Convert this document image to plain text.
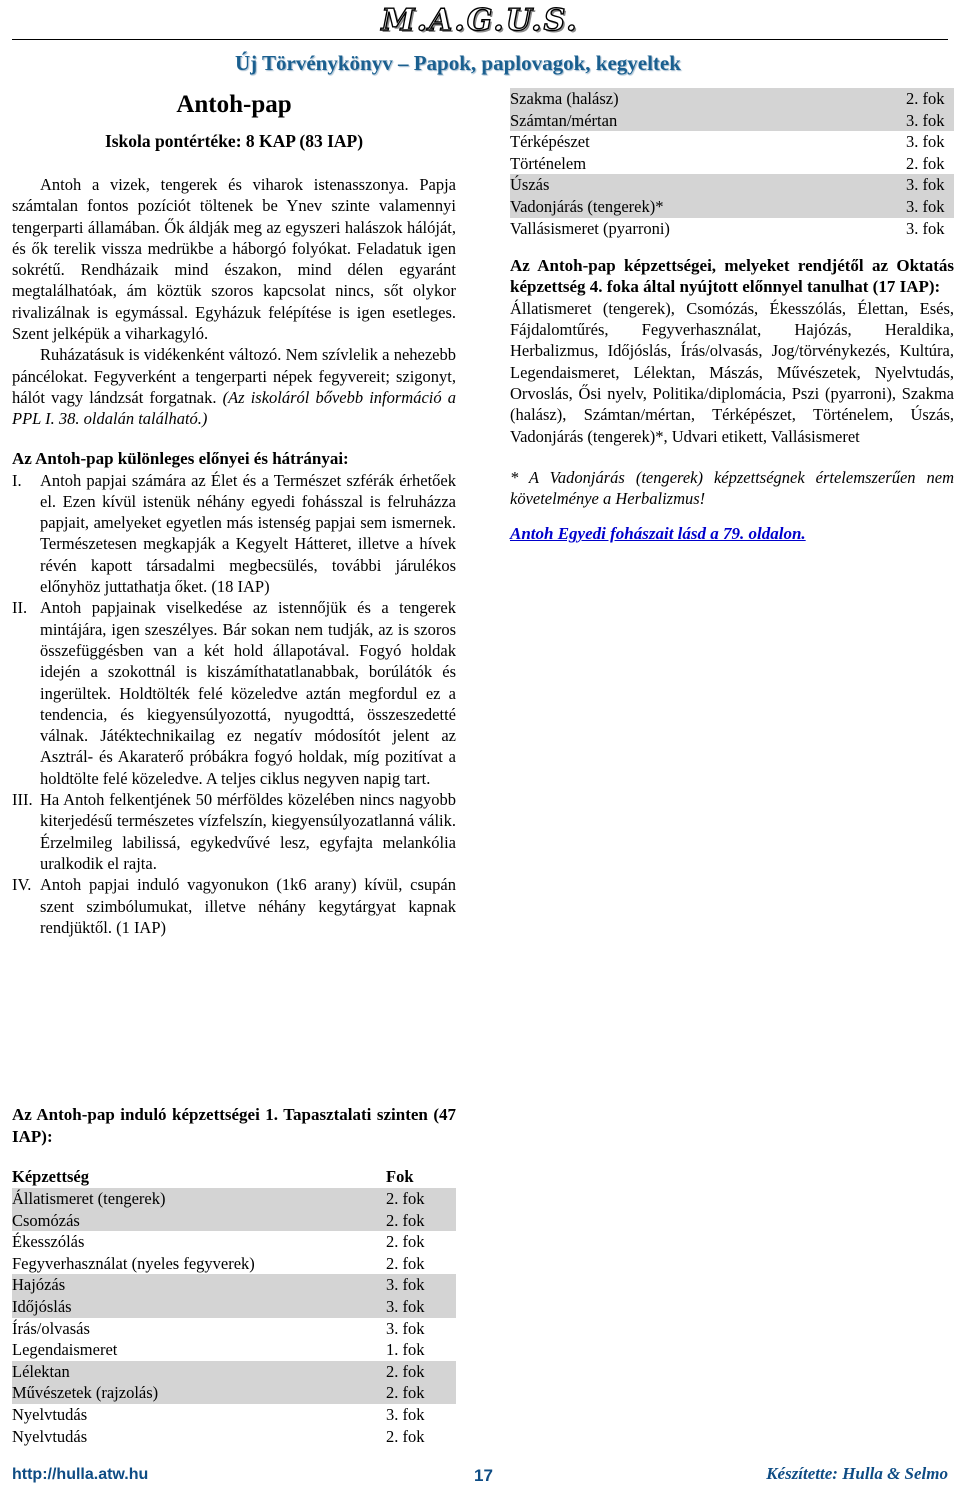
M.A.G.U.S.
Új Törvénykönyv – Papok, paplovagok, kegyeltek
Antoh-pap
Iskola pontértéke: 8 KAP (83 IAP)

Antoh a vizek, tengerek és viharok istenasszonya. Papja számtalan fontos pozíciót töltenek be Ynev szinte valamennyi tengerparti államában. Ők áldják meg az egyszeri halászok hálóját, és ők terelik vissza medrükbe a háborgó folyókat. Feladatuk igen sokrétű. Rendházaik mind északon, mind délen egyaránt megtalálhatóak, ám köztük szoros kapcsolat nincs, sőt olykor rivalizálnak is egymással. Egyházuk felépítése is igen esetleges. Szent jelképük a viharkagyló.

Ruházatásuk is vidékenként változó. Nem szívlelik a nehezebb páncélokat. Fegyverként a tengerparti népek fegyvereit; szigonyt, hálót vagy lándzsát forgatnak. (Az iskoláról bővebb információ a PPL I. 38. oldalán található.)

Az Antoh-pap különleges előnyei és hátrányai:
I. Antoh papjai számára az Élet és a Természet szférák érhetőek el. Ezen kívül istenük néhány egyedi fohásszal is felruházza papjait, amelyeket egyetlen más istenség papjai sem ismernek. Természetesen megkapják a Kegyelt Hátteret, illetve a hívek révén kapott társadalmi megbecsülés, további járulékos előnyhöz juttathatja őket. (18 IAP)
II. Antoh papjainak viselkedése az istennőjük és a tengerek mintájára, igen szeszélyes. Bár sokan nem tudják, az is szoros összefüggésben van a két hold állapotával. Fogyó holdak idején a szokottnál is kiszámíthatatlanabbak, borúlátók és ingerültek. Holdtölték felé közeledve aztán megfordul ez a tendencia, és kiegyensúlyozottá, nyugodttá, összeszedetté válnak. Játéktechnikailag ez negatív módosítót jelent az Asztrál- és Akaraterő próbákra fogyó holdak, míg pozitívat a holdtölte felé közeledve. A teljes ciklus negyven napig tart.
III. Ha Antoh felkentjének 50 mérföldes közelében nincs nagyobb kiterjedésű természetes vízfelszín, kiegyensúlyozatlanná válik. Érzelmileg labilissá, egykedvűvé lesz, egyfajta melankólia uralkodik el rajta.
IV. Antoh papjai induló vagyonukon (1k6 arany) kívül, csupán szent szimbólumukat, illetve néhány kegytárgyat kapnak rendjüktől. (1 IAP)
Az Antoh-pap induló képzettségei 1. Tapasztalati szinten (47 IAP):
Képzettség	Fok
Állatismeret (tengerek)	2. fok
Csomózás	2. fok
Ékesszólás	2. fok
Fegyverhasználat (nyeles fegyverek)	2. fok
Hajózás	3. fok
Időjóslás	3. fok
Írás/olvasás	3. fok
Legendaismeret	1. fok
Lélektan	2. fok
Művészetek (rajzolás)	2. fok
Nyelvtudás	3. fok
Nyelvtudás	2. fok
Szakma (halász)	2. fok
Számtan/mértan	3. fok
Térképészet	3. fok
Történelem	2. fok
Úszás	3. fok
Vadonjárás (tengerek)*	3. fok
Vallásismeret (pyarroni)	3. fok
Az Antoh-pap képzettségei, melyeket rendjétől az Oktatás képzettség 4. foka által nyújtott előnnyel tanulhat (17 IAP):
Állatismeret (tengerek), Csomózás, Ékesszólás, Élettan, Esés, Fájdalomtűrés, Fegyverhasználat, Hajózás, Heraldika, Herbalizmus, Időjóslás, Írás/olvasás, Jog/törvénykezés, Kultúra, Legendaismeret, Lélektan, Mászás, Művészetek, Nyelvtudás, Orvoslás, Ősi nyelv, Politika/diplomácia, Pszi (pyarroni), Szakma (halász), Számtan/mértan, Térképészet, Történelem, Úszás, Vadonjárás (tengerek)*, Udvari etikett, Vallásismeret
* A Vadonjárás (tengerek) képzettségnek értelemszerűen nem követelménye a Herbalizmus!
Antoh Egyedi fohászait lásd a 79. oldalon.
http://hulla.atw.hu	17	Készítette: Hulla & Selmo
